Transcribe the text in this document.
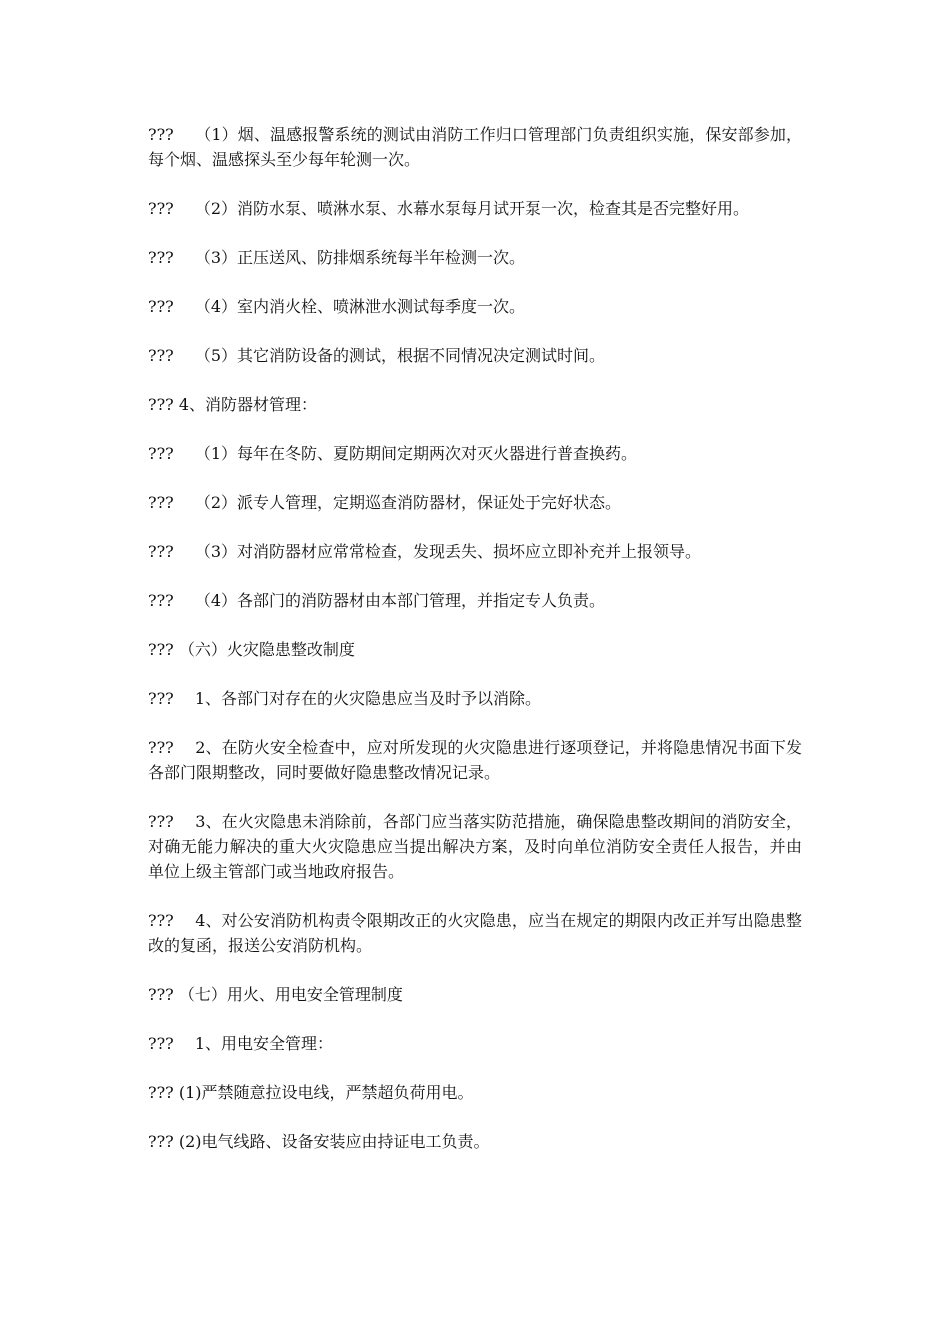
???　 （1）烟、温感报警系统的测试由消防工作归口管理部门负责组织实施，保安部参加，每个烟、温感探头至少每年轮测一次。

???　 （2）消防水泵、喷淋水泵、水幕水泵每月试开泵一次，检查其是否完整好用。

???　 （3）正压送风、防排烟系统每半年检测一次。

???　 （4）室内消火栓、喷淋泄水测试每季度一次。

???　 （5）其它消防设备的测试，根据不同情况决定测试时间。

??? 4、消防器材管理：

???　 （1）每年在冬防、夏防期间定期两次对灭火器进行普查换药。

???　 （2）派专人管理，定期巡查消防器材，保证处于完好状态。

???　 （3）对消防器材应常常检查，发现丢失、损坏应立即补充并上报领导。

???　 （4）各部门的消防器材由本部门管理，并指定专人负责。

??? （六）火灾隐患整改制度

???　 1、各部门对存在的火灾隐患应当及时予以消除。

???　 2、在防火安全检查中，应对所发现的火灾隐患进行逐项登记，并将隐患情况书面下发各部门限期整改，同时要做好隐患整改情况记录。

???　 3、在火灾隐患未消除前，各部门应当落实防范措施，确保隐患整改期间的消防安全，对确无能力解决的重大火灾隐患应当提出解决方案，及时向单位消防安全责任人报告，并由单位上级主管部门或当地政府报告。

???　 4、对公安消防机构责令限期改正的火灾隐患，应当在规定的期限内改正并写出隐患整改的复函，报送公安消防机构。

??? （七）用火、用电安全管理制度

???　 1、用电安全管理：

??? (1)严禁随意拉设电线，严禁超负荷用电。

??? (2)电气线路、设备安装应由持证电工负责。
